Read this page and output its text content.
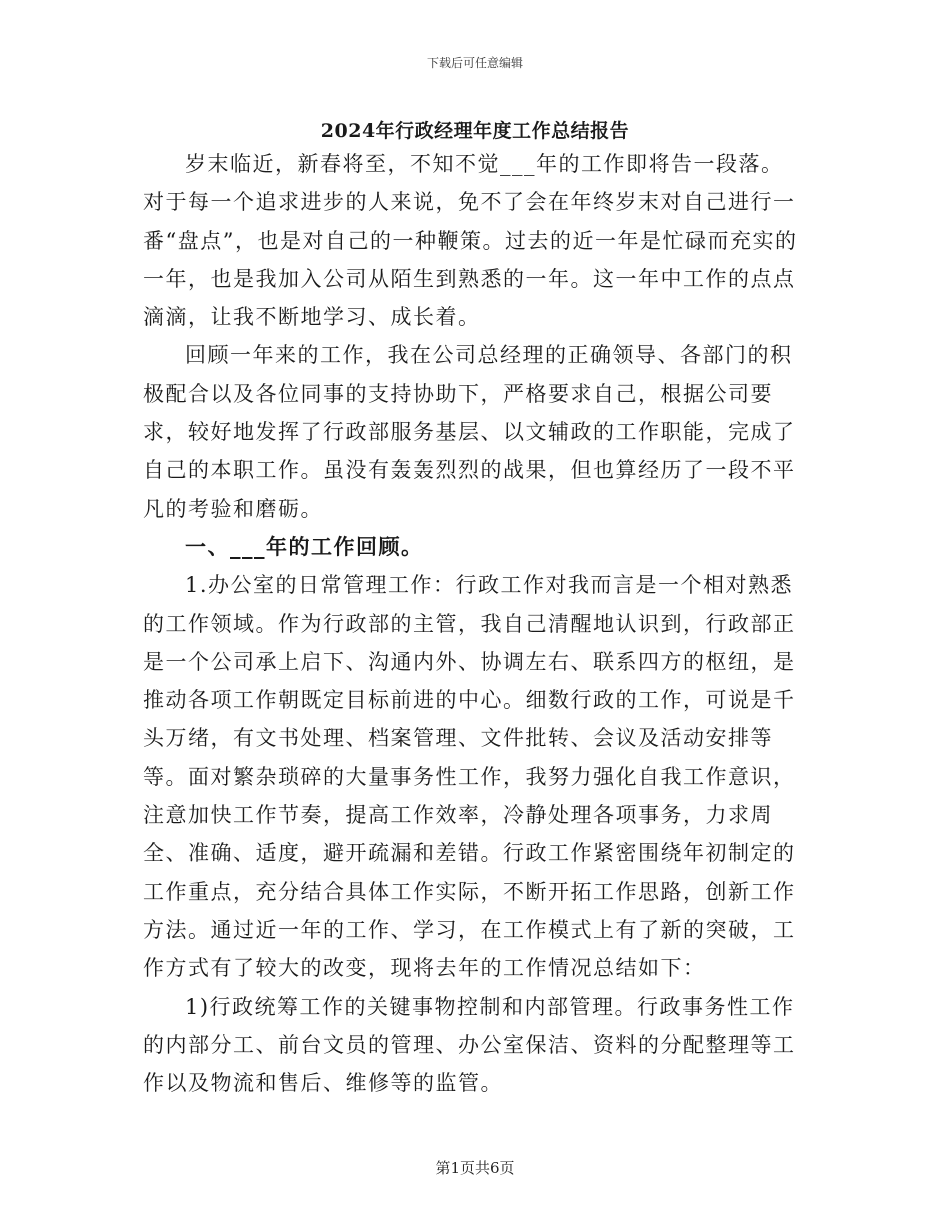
下载后可任意编辑
2024年行政经理年度工作总结报告

岁末临近，新春将至，不知不觉___年的工作即将告一段落。对于每一个追求进步的人来说，免不了会在年终岁末对自己进行一番“盘点”，也是对自己的一种鞭策。过去的近一年是忙碌而充实的一年，也是我加入公司从陌生到熟悉的一年。这一年中工作的点点滴滴，让我不断地学习、成长着。

回顾一年来的工作，我在公司总经理的正确领导、各部门的积极配合以及各位同事的支持协助下，严格要求自己，根据公司要求，较好地发挥了行政部服务基层、以文辅政的工作职能，完成了自己的本职工作。虽没有轰轰烈烈的战果，但也算经历了一段不平凡的考验和磨砺。

一、___年的工作回顾。

1.办公室的日常管理工作：行政工作对我而言是一个相对熟悉的工作领域。作为行政部的主管，我自己清醒地认识到，行政部正是一个公司承上启下、沟通内外、协调左右、联系四方的枢纽，是推动各项工作朝既定目标前进的中心。细数行政的工作，可说是千头万绪，有文书处理、档案管理、文件批转、会议及活动安排等等。面对繁杂琐碎的大量事务性工作，我努力强化自我工作意识，注意加快工作节奏，提高工作效率，冷静处理各项事务，力求周全、准确、适度，避开疏漏和差错。行政工作紧密围绕年初制定的工作重点，充分结合具体工作实际，不断开拓工作思路，创新工作方法。通过近一年的工作、学习，在工作模式上有了新的突破，工作方式有了较大的改变，现将去年的工作情况总结如下：

1)行政统筹工作的关键事物控制和内部管理。行政事务性工作的内部分工、前台文员的管理、办公室保洁、资料的分配整理等工作以及物流和售后、维修等的监管。

第1页共6页
